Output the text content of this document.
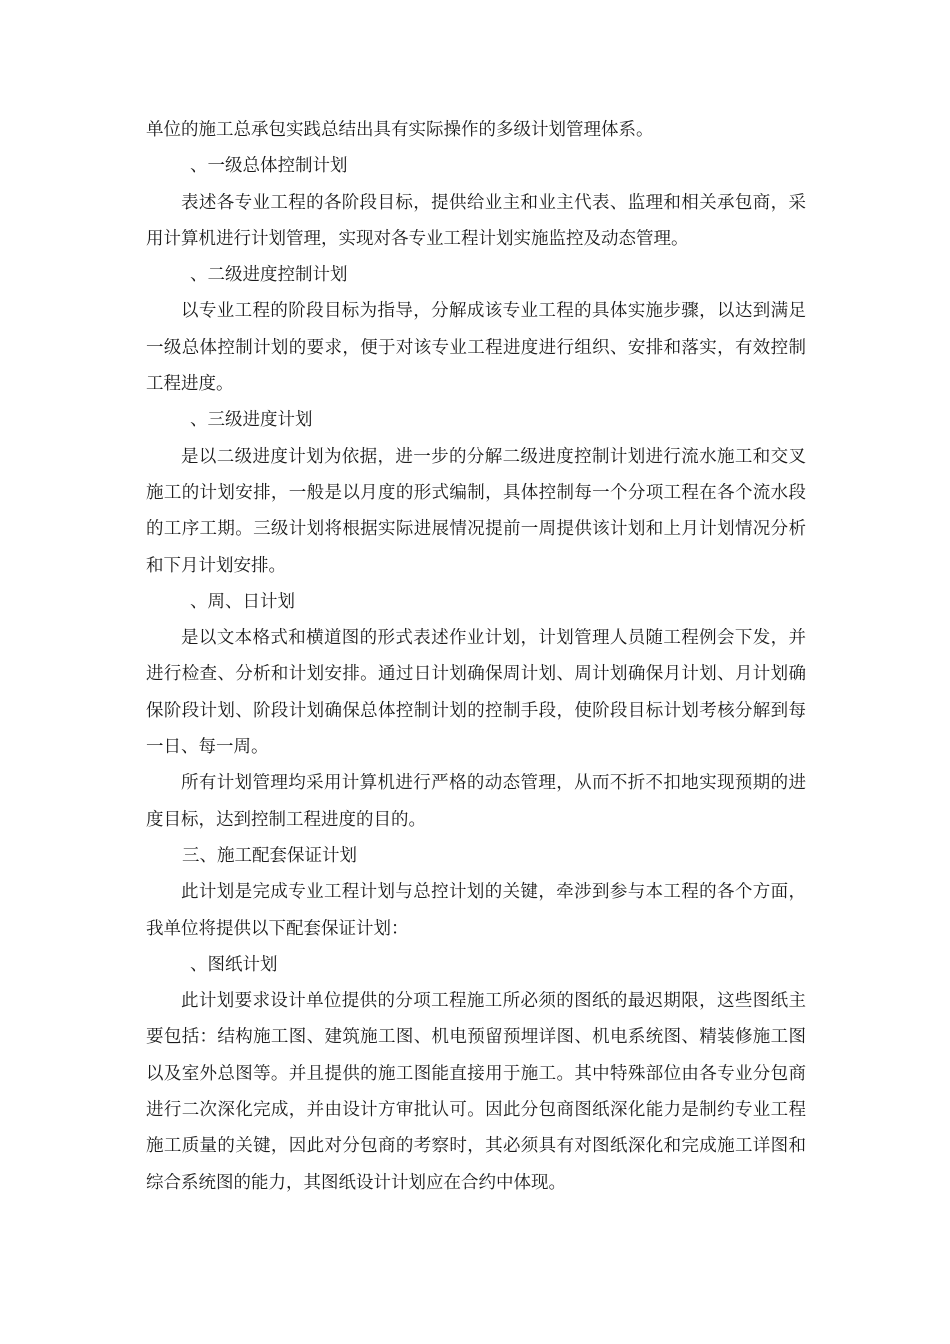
单位的施工总承包实践总结出具有实际操作的多级计划管理体系。

、一级总体控制计划

表述各专业工程的各阶段目标，提供给业主和业主代表、监理和相关承包商，采用计算机进行计划管理，实现对各专业工程计划实施监控及动态管理。

、二级进度控制计划

以专业工程的阶段目标为指导，分解成该专业工程的具体实施步骤，以达到满足一级总体控制计划的要求，便于对该专业工程进度进行组织、安排和落实，有效控制工程进度。

、三级进度计划

是以二级进度计划为依据，进一步的分解二级进度控制计划进行流水施工和交叉施工的计划安排，一般是以月度的形式编制，具体控制每一个分项工程在各个流水段的工序工期。三级计划将根据实际进展情况提前一周提供该计划和上月计划情况分析和下月计划安排。

、周、日计划

是以文本格式和横道图的形式表述作业计划，计划管理人员随工程例会下发，并进行检查、分析和计划安排。通过日计划确保周计划、周计划确保月计划、月计划确保阶段计划、阶段计划确保总体控制计划的控制手段，使阶段目标计划考核分解到每一日、每一周。

所有计划管理均采用计算机进行严格的动态管理，从而不折不扣地实现预期的进度目标，达到控制工程进度的目的。

三、施工配套保证计划

此计划是完成专业工程计划与总控计划的关键，牵涉到参与本工程的各个方面，我单位将提供以下配套保证计划：

、图纸计划

此计划要求设计单位提供的分项工程施工所必须的图纸的最迟期限，这些图纸主要包括：结构施工图、建筑施工图、机电预留预埋详图、机电系统图、精装修施工图以及室外总图等。并且提供的施工图能直接用于施工。其中特殊部位由各专业分包商进行二次深化完成，并由设计方审批认可。因此分包商图纸深化能力是制约专业工程施工质量的关键，因此对分包商的考察时，其必须具有对图纸深化和完成施工详图和综合系统图的能力，其图纸设计计划应在合约中体现。
